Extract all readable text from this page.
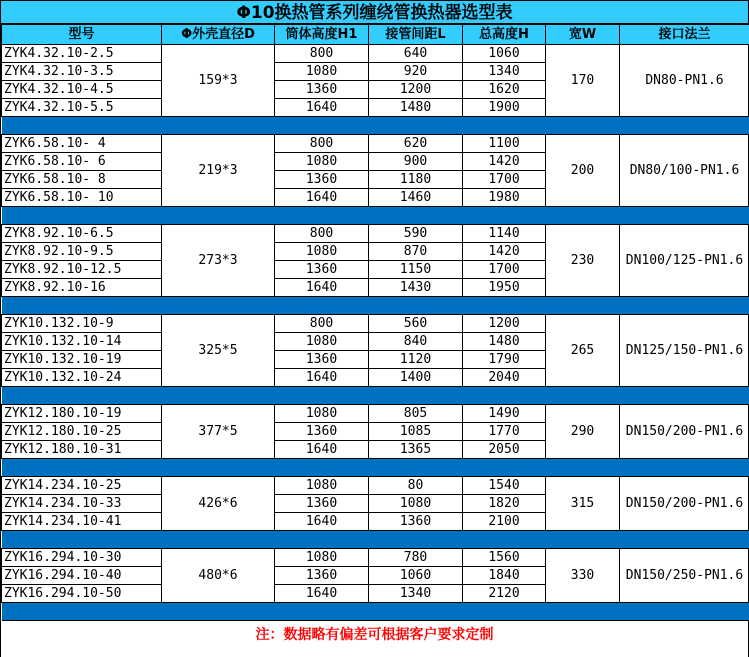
Φ10换热管系列缠绕管换热器选型表
型号	Φ外壳直径D	筒体高度H1	接管间距L	总高度H	宽W	接口法兰
ZYK4.32.10-2.5	159*3	800	640	1060	170	DN80-PN1.6
ZYK4.32.10-3.5		1080	920	1340		
ZYK4.32.10-4.5		1360	1200	1620		
ZYK4.32.10-5.5		1640	1480	1900		

ZYK6.58.10- 4	219*3	800	620	1100	200	DN80/100-PN1.6
ZYK6.58.10- 6		1080	900	1420		
ZYK6.58.10- 8		1360	1180	1700		
ZYK6.58.10- 10		1640	1460	1980		

ZYK8.92.10-6.5	273*3	800	590	1140	230	DN100/125-PN1.6
ZYK8.92.10-9.5		1080	870	1420		
ZYK8.92.10-12.5		1360	1150	1700		
ZYK8.92.10-16		1640	1430	1950		

ZYK10.132.10-9	325*5	800	560	1200	265	DN125/150-PN1.6
ZYK10.132.10-14		1080	840	1480		
ZYK10.132.10-19		1360	1120	1790		
ZYK10.132.10-24		1640	1400	2040		

ZYK12.180.10-19	377*5	1080	805	1490	290	DN150/200-PN1.6
ZYK12.180.10-25		1360	1085	1770		
ZYK12.180.10-31		1640	1365	2050		

ZYK14.234.10-25	426*6	1080	80	1540	315	DN150/200-PN1.6
ZYK14.234.10-33		1360	1080	1820		
ZYK14.234.10-41		1640	1360	2100		

ZYK16.294.10-30	480*6	1080	780	1560	330	DN150/250-PN1.6
ZYK16.294.10-40		1360	1060	1840		
ZYK16.294.10-50		1640	1340	2120		

注：数据略有偏差可根据客户要求定制
